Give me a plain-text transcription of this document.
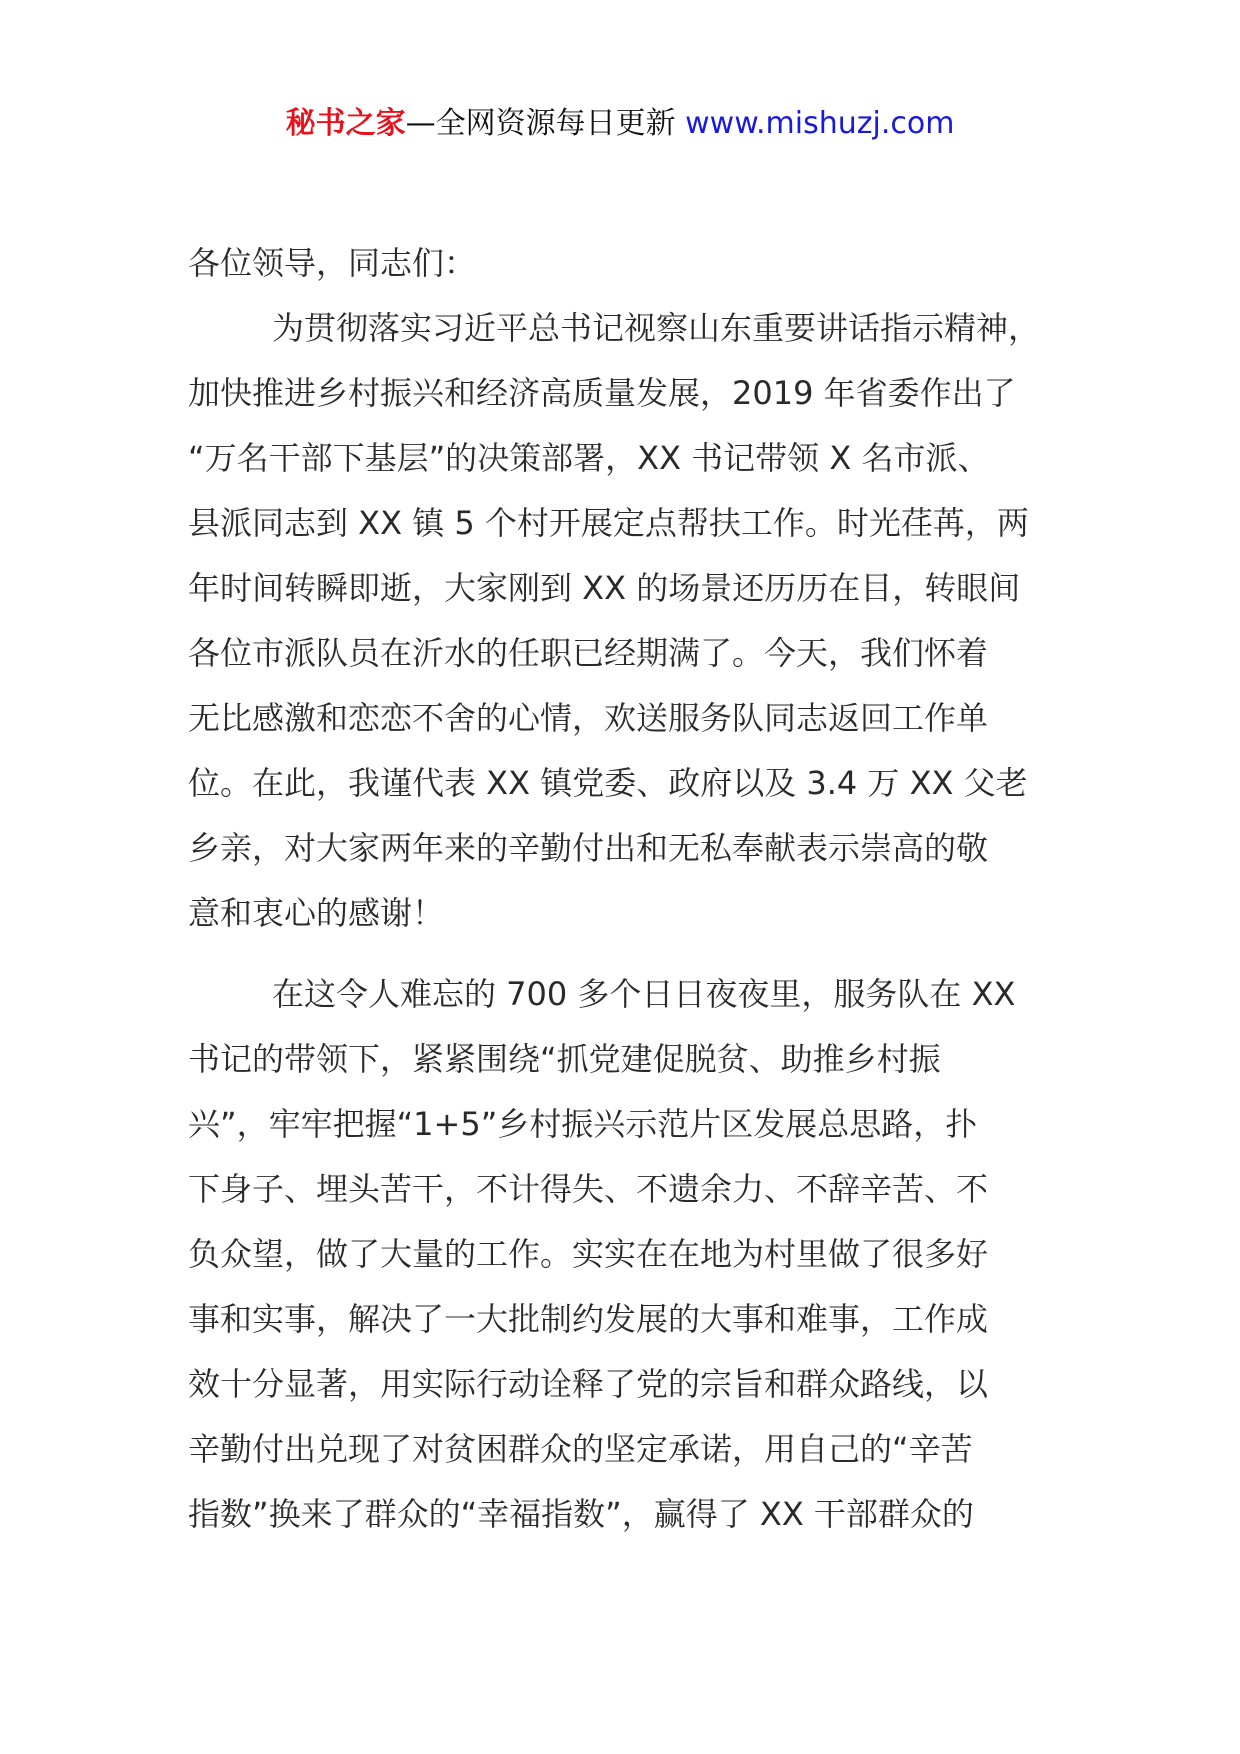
秘书之家—全网资源每日更新 www.mishuzj.com
各位领导，同志们：
为贯彻落实习近平总书记视察山东重要讲话指示精神，
加快推进乡村振兴和经济高质量发展，2019 年省委作出了
“万名干部下基层”的决策部署，XX 书记带领 X 名市派、
县派同志到 XX 镇 5 个村开展定点帮扶工作。时光荏苒，两
年时间转瞬即逝，大家刚到 XX 的场景还历历在目，转眼间
各位市派队员在沂水的任职已经期满了。今天，我们怀着
无比感激和恋恋不舍的心情，欢送服务队同志返回工作单
位。在此，我谨代表 XX 镇党委、政府以及 3.4 万 XX 父老
乡亲，对大家两年来的辛勤付出和无私奉献表示崇高的敬
意和衷心的感谢！
在这令人难忘的 700 多个日日夜夜里，服务队在 XX
书记的带领下，紧紧围绕“抓党建促脱贫、助推乡村振
兴”，牢牢把握“1+5”乡村振兴示范片区发展总思路，扑
下身子、埋头苦干，不计得失、不遗余力、不辞辛苦、不
负众望，做了大量的工作。实实在在地为村里做了很多好
事和实事，解决了一大批制约发展的大事和难事，工作成
效十分显著，用实际行动诠释了党的宗旨和群众路线，以
辛勤付出兑现了对贫困群众的坚定承诺，用自己的“辛苦
指数”换来了群众的“幸福指数”，赢得了 XX 干部群众的
